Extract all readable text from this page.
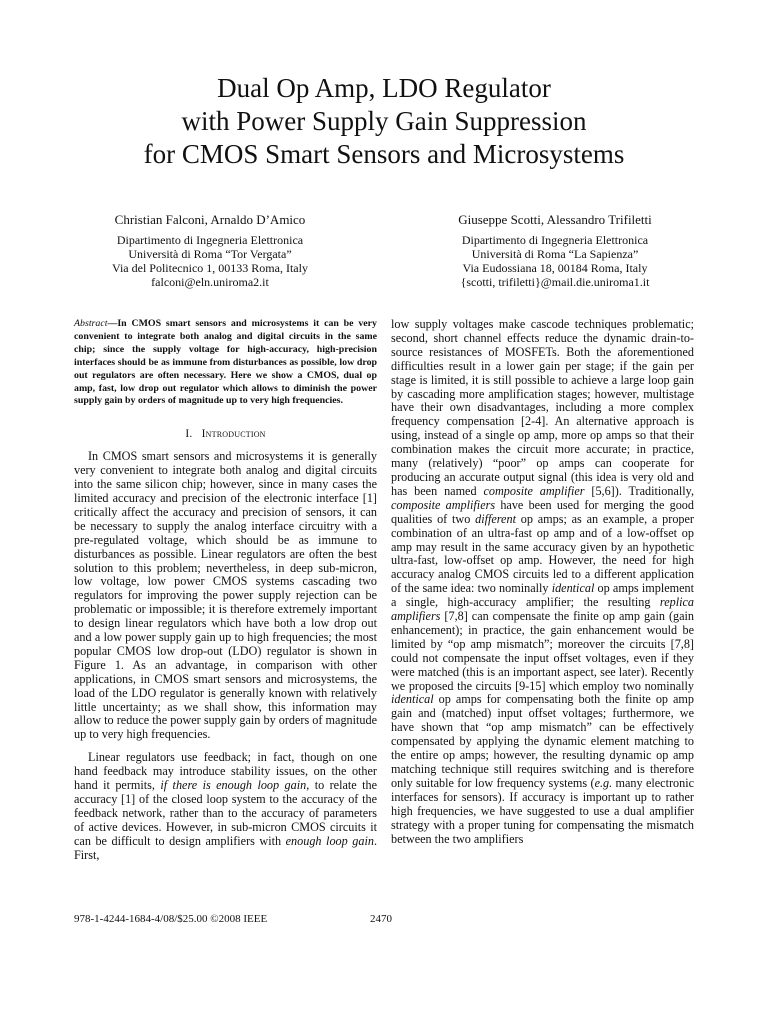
Dual Op Amp, LDO Regulator
with Power Supply Gain Suppression
for CMOS Smart Sensors and Microsystems
Christian Falconi, Arnaldo D’Amico
Dipartimento di Ingegneria Elettronica
Università di Roma “Tor Vergata”
Via del Politecnico 1, 00133 Roma, Italy
falconi@eln.uniroma2.it
Giuseppe Scotti, Alessandro Trifiletti
Dipartimento di Ingegneria Elettronica
Università di Roma “La Sapienza”
Via Eudossiana 18, 00184 Roma, Italy
{scotti, trifiletti}@mail.die.uniroma1.it
Abstract—In CMOS smart sensors and microsystems it can be very convenient to integrate both analog and digital circuits in the same chip; since the supply voltage for high-accuracy, high-precision interfaces should be as immune from disturbances as possible, low drop out regulators are often necessary. Here we show a CMOS, dual op amp, fast, low drop out regulator which allows to diminish the power supply gain by orders of magnitude up to very high frequencies.
I. Introduction

In CMOS smart sensors and microsystems it is generally very convenient to integrate both analog and digital circuits into the same silicon chip; however, since in many cases the limited accuracy and precision of the electronic interface [1] critically affect the accuracy and precision of sensors, it can be necessary to supply the analog interface circuitry with a pre-regulated voltage, which should be as immune to disturbances as possible. Linear regulators are often the best solution to this problem; nevertheless, in deep sub-micron, low voltage, low power CMOS systems cascading two regulators for improving the power supply rejection can be problematic or impossible; it is therefore extremely important to design linear regulators which have both a low drop out and a low power supply gain up to high frequencies; the most popular CMOS low drop-out (LDO) regulator is shown in Figure 1. As an advantage, in comparison with other applications, in CMOS smart sensors and microsystems, the load of the LDO regulator is generally known with relatively little uncertainty; as we shall show, this information may allow to reduce the power supply gain by orders of magnitude up to very high frequencies.

Linear regulators use feedback; in fact, though on one hand feedback may introduce stability issues, on the other hand it permits, if there is enough loop gain, to relate the accuracy [1] of the closed loop system to the accuracy of the feedback network, rather than to the accuracy of parameters of active devices. However, in sub-micron CMOS circuits it can be difficult to design amplifiers with enough loop gain. First,

low supply voltages make cascode techniques problematic; second, short channel effects reduce the dynamic drain-to-source resistances of MOSFETs. Both the aforementioned difficulties result in a lower gain per stage; if the gain per stage is limited, it is still possible to achieve a large loop gain by cascading more amplification stages; however, multistage have their own disadvantages, including a more complex frequency compensation [2-4]. An alternative approach is using, instead of a single op amp, more op amps so that their combination makes the circuit more accurate; in practice, many (relatively) “poor” op amps can cooperate for producing an accurate output signal (this idea is very old and has been named composite amplifier [5,6]). Traditionally, composite amplifiers have been used for merging the good qualities of two different op amps; as an example, a proper combination of an ultra-fast op amp and of a low-offset op amp may result in the same accuracy given by an hypothetic ultra-fast, low-offset op amp. However, the need for high accuracy analog CMOS circuits led to a different application of the same idea: two nominally identical op amps implement a single, high-accuracy amplifier; the resulting replica amplifiers [7,8] can compensate the finite op amp gain (gain enhancement); in practice, the gain enhancement would be limited by “op amp mismatch”; moreover the circuits [7,8] could not compensate the input offset voltages, even if they were matched (this is an important aspect, see later). Recently we proposed the circuits [9-15] which employ two nominally identical op amps for compensating both the finite op amp gain and (matched) input offset voltages; furthermore, we have shown that “op amp mismatch” can be effectively compensated by applying the dynamic element matching to the entire op amps; however, the resulting dynamic op amp matching technique still requires switching and is therefore only suitable for low frequency systems (e.g. many electronic interfaces for sensors). If accuracy is important up to rather high frequencies, we have suggested to use a dual amplifier strategy with a proper tuning for compensating the mismatch between the two amplifiers

978-1-4244-1684-4/08/$25.00 ©2008 IEEE	2470
